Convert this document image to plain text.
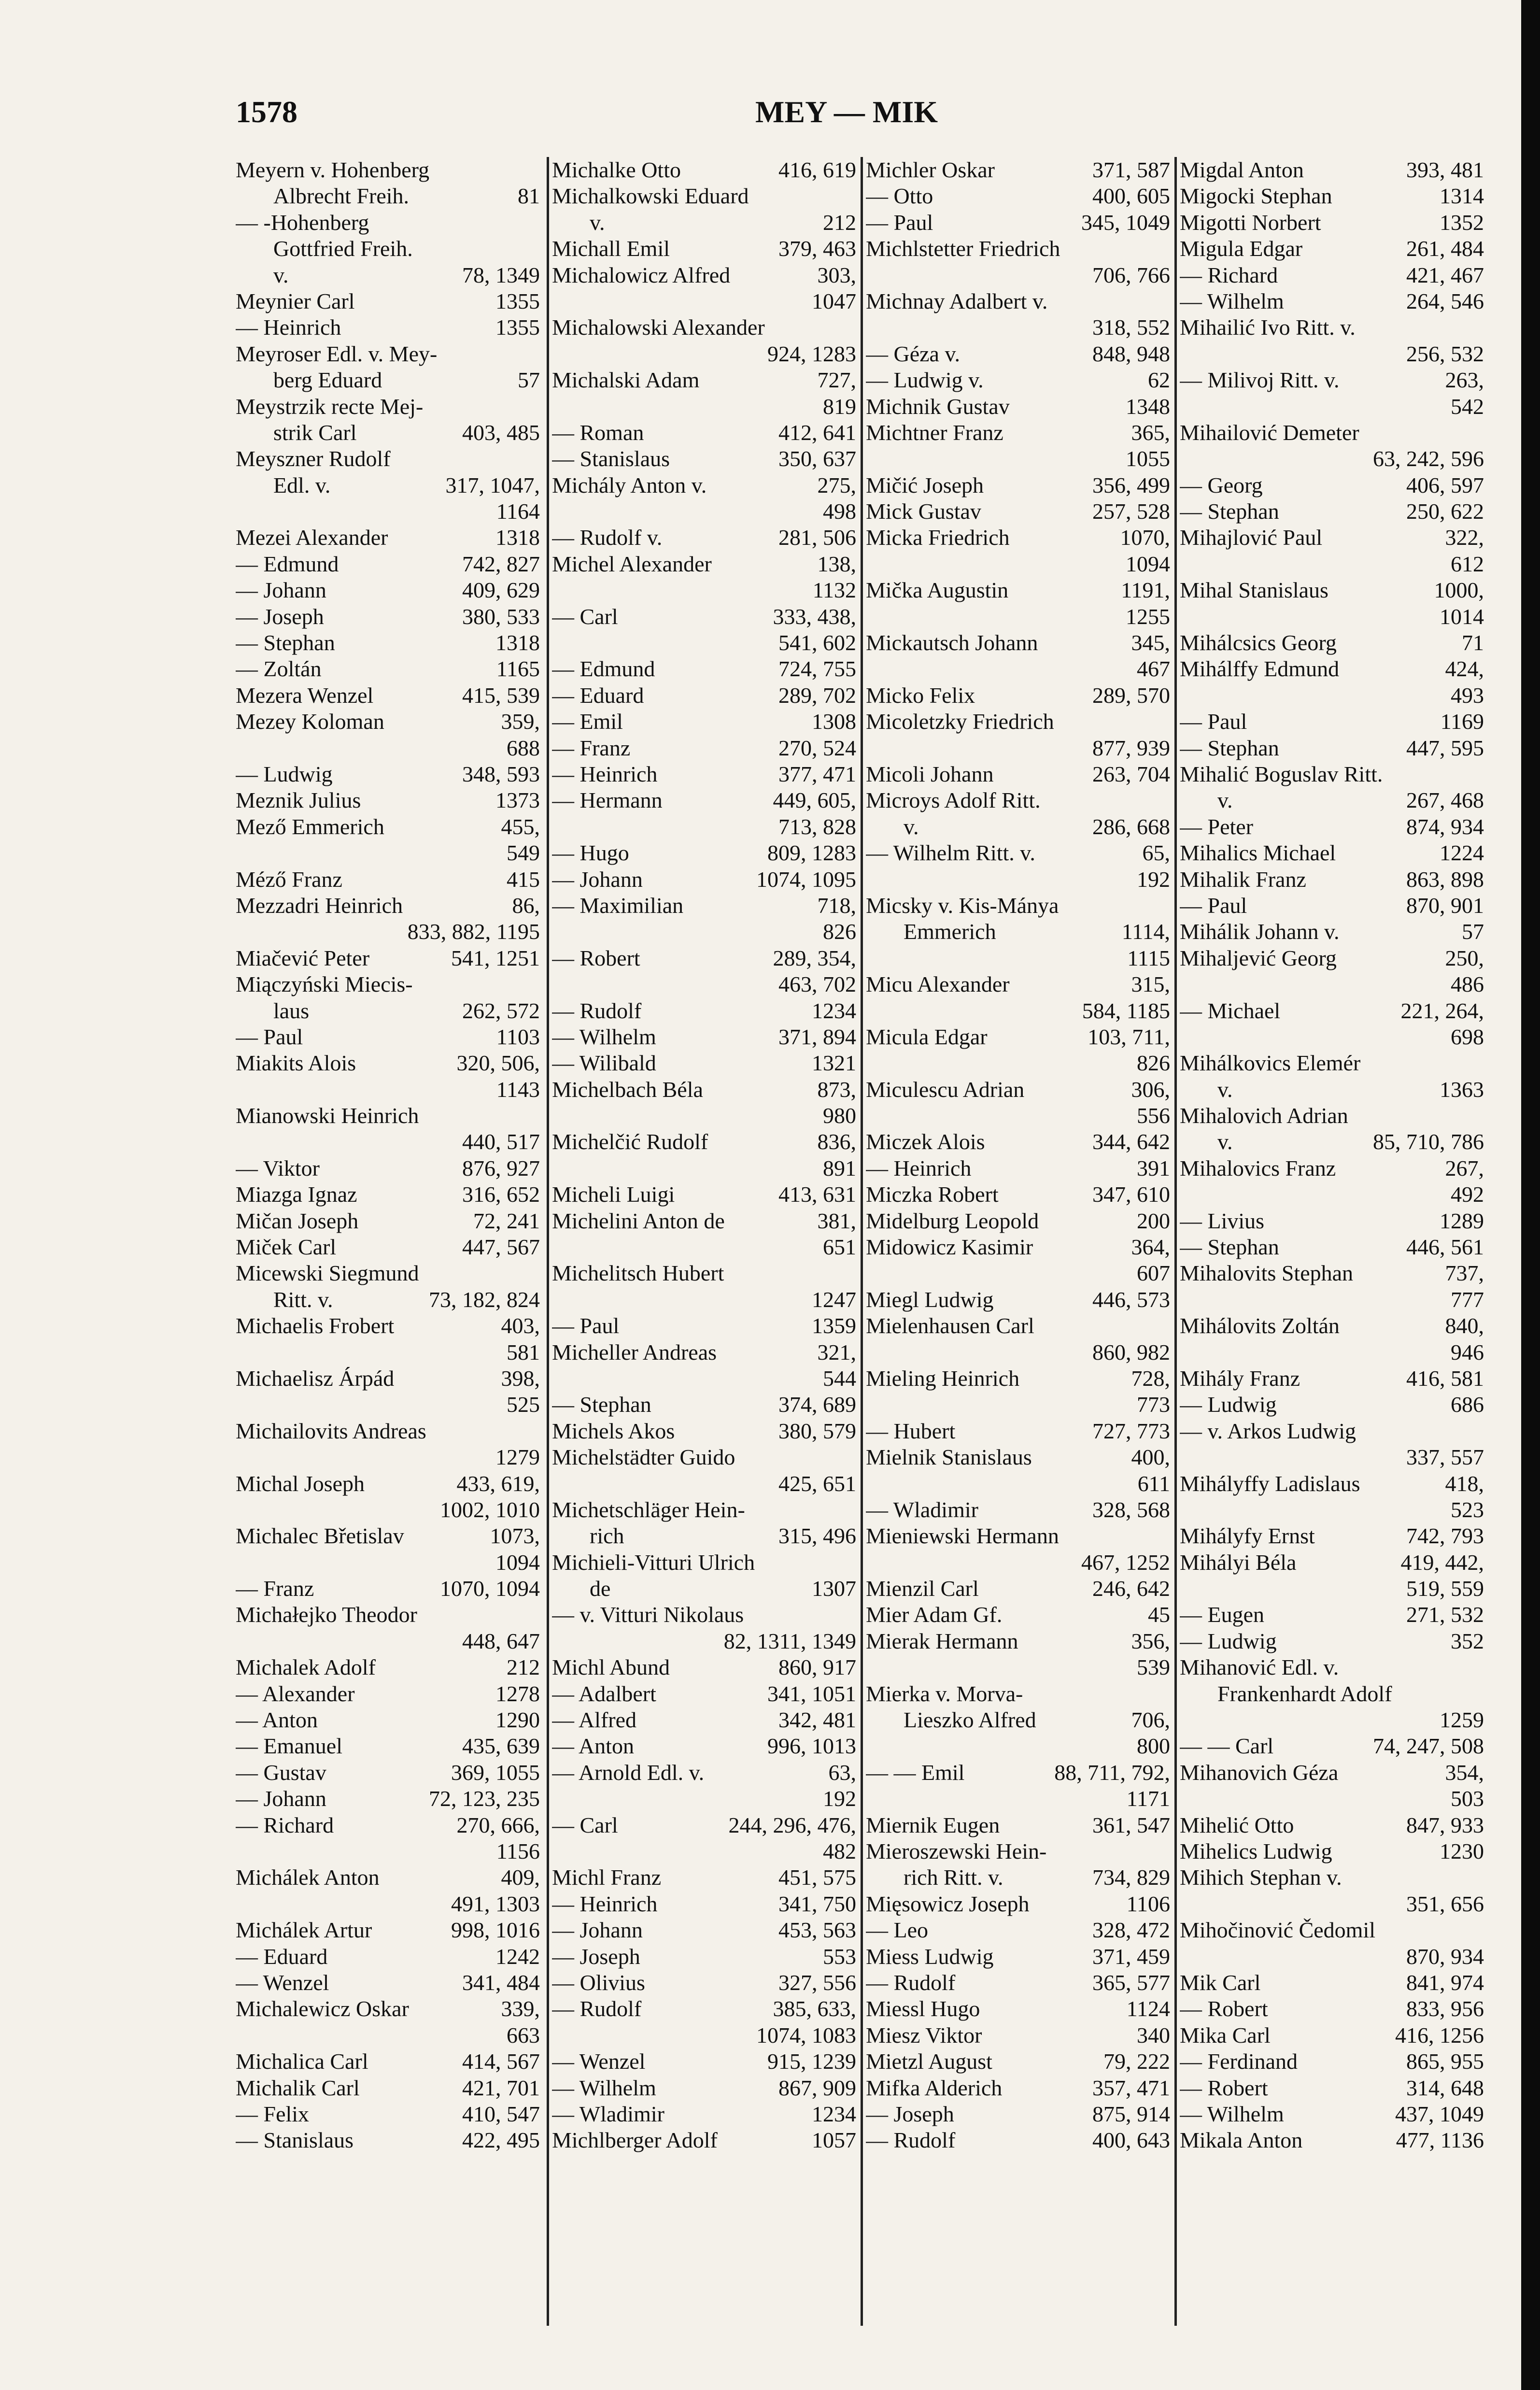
1578	MEY — MIK
Meyern v. Hohenberg
Albrecht Freih.	81
— -Hohenberg
Gottfried Freih.
v.	78, 1349
Meynier Carl	1355
— Heinrich	1355
Meyroser Edl. v. Mey-
berg Eduard	57
Meystrzik recte Mej-
strik Carl	403, 485
Meyszner Rudolf
Edl. v.	317, 1047,
1164
Mezei Alexander	1318
— Edmund	742, 827
— Johann	409, 629
— Joseph	380, 533
— Stephan	1318
— Zoltán	1165
Mezera Wenzel	415, 539
Mezey Koloman	359,
688
— Ludwig	348, 593
Meznik Julius	1373
Mező Emmerich	455,
549
Méző Franz	415
Mezzadri Heinrich	86,
833, 882, 1195
Miačević Peter	541, 1251
Miączyński Miecis-
laus	262, 572
— Paul	1103
Miakits Alois	320, 506,
1143
Mianowski Heinrich
440, 517
— Viktor	876, 927
Miazga Ignaz	316, 652
Mičan Joseph	72, 241
Miček Carl	447, 567
Micewski Siegmund
Ritt. v.	73, 182, 824
Michaelis Frobert	403,
581
Michaelisz Árpád	398,
525
Michailovits Andreas
1279
Michal Joseph	433, 619,
1002, 1010
Michalec Břetislav	1073,
1094
— Franz	1070, 1094
Michałejko Theodor
448, 647
Michalek Adolf	212
— Alexander	1278
— Anton	1290
— Emanuel	435, 639
— Gustav	369, 1055
— Johann	72, 123, 235
— Richard	270, 666,
1156
Michálek Anton	409,
491, 1303
Michálek Artur	998, 1016
— Eduard	1242
— Wenzel	341, 484
Michalewicz Oskar	339,
663
Michalica Carl	414, 567
Michalik Carl	421, 701
— Felix	410, 547
— Stanislaus	422, 495
Michalke Otto	416, 619
Michalkowski Eduard
v.	212
Michall Emil	379, 463
Michalowicz Alfred	303,
1047
Michalowski Alexander
924, 1283
Michalski Adam	727,
819
— Roman	412, 641
— Stanislaus	350, 637
Michály Anton v.	275,
498
— Rudolf v.	281, 506
Michel Alexander	138,
1132
— Carl	333, 438,
541, 602
— Edmund	724, 755
— Eduard	289, 702
— Emil	1308
— Franz	270, 524
— Heinrich	377, 471
— Hermann	449, 605,
713, 828
— Hugo	809, 1283
— Johann	1074, 1095
— Maximilian	718,
826
— Robert	289, 354,
463, 702
— Rudolf	1234
— Wilhelm	371, 894
— Wilibald	1321
Michelbach Béla	873,
980
Michelčić Rudolf	836,
891
Micheli Luigi	413, 631
Michelini Anton de	381,
651
Michelitsch Hubert
1247
— Paul	1359
Micheller Andreas	321,
544
— Stephan	374, 689
Michels Akos	380, 579
Michelstädter Guido
425, 651
Michetschläger Hein-
rich	315, 496
Michieli-Vitturi Ulrich
de	1307
— v. Vitturi Nikolaus
82, 1311, 1349
Michl Abund	860, 917
— Adalbert	341, 1051
— Alfred	342, 481
— Anton	996, 1013
— Arnold Edl. v.	63,
192
— Carl	244, 296, 476,
482
Michl Franz	451, 575
— Heinrich	341, 750
— Johann	453, 563
— Joseph	553
— Olivius	327, 556
— Rudolf	385, 633,
1074, 1083
— Wenzel	915, 1239
— Wilhelm	867, 909
— Wladimir	1234
Michlberger Adolf	1057
Michler Oskar	371, 587
— Otto	400, 605
— Paul	345, 1049
Michlstetter Friedrich
706, 766
Michnay Adalbert v.
318, 552
— Géza v.	848, 948
— Ludwig v.	62
Michnik Gustav	1348
Michtner Franz	365,
1055
Mičić Joseph	356, 499
Mick Gustav	257, 528
Micka Friedrich	1070,
1094
Mička Augustin	1191,
1255
Mickautsch Johann	345,
467
Micko Felix	289, 570
Micoletzky Friedrich
877, 939
Micoli Johann	263, 704
Microys Adolf Ritt.
v.	286, 668
— Wilhelm Ritt. v.	65,
192
Micsky v. Kis-Mánya
Emmerich	1114,
1115
Micu Alexander	315,
584, 1185
Micula Edgar	103, 711,
826
Miculescu Adrian	306,
556
Miczek Alois	344, 642
— Heinrich	391
Miczka Robert	347, 610
Midelburg Leopold	200
Midowicz Kasimir	364,
607
Miegl Ludwig	446, 573
Mielenhausen Carl
860, 982
Mieling Heinrich	728,
773
— Hubert	727, 773
Mielnik Stanislaus	400,
611
— Wladimir	328, 568
Mieniewski Hermann
467, 1252
Mienzil Carl	246, 642
Mier Adam Gf.	45
Mierak Hermann	356,
539
Mierka v. Morva-
Lieszko Alfred	706,
800
— — Emil	88, 711, 792,
1171
Miernik Eugen	361, 547
Mieroszewski Hein-
rich Ritt. v.	734, 829
Mięsowicz Joseph	1106
— Leo	328, 472
Miess Ludwig	371, 459
— Rudolf	365, 577
Miessl Hugo	1124
Miesz Viktor	340
Mietzl August	79, 222
Mifka Alderich	357, 471
— Joseph	875, 914
— Rudolf	400, 643
Migdal Anton	393, 481
Migocki Stephan	1314
Migotti Norbert	1352
Migula Edgar	261, 484
— Richard	421, 467
— Wilhelm	264, 546
Mihailić Ivo Ritt. v.
256, 532
— Milivoj Ritt. v.	263,
542
Mihailović Demeter
63, 242, 596
— Georg	406, 597
— Stephan	250, 622
Mihajlović Paul	322,
612
Mihal Stanislaus	1000,
1014
Mihálcsics Georg	71
Mihálffy Edmund	424,
493
— Paul	1169
— Stephan	447, 595
Mihalić Boguslav Ritt.
v.	267, 468
— Peter	874, 934
Mihalics Michael	1224
Mihalik Franz	863, 898
— Paul	870, 901
Mihálik Johann v.	57
Mihaljević Georg	250,
486
— Michael	221, 264,
698
Mihálkovics Elemér
v.	1363
Mihalovich Adrian
v.	85, 710, 786
Mihalovics Franz	267,
492
— Livius	1289
— Stephan	446, 561
Mihalovits Stephan	737,
777
Mihálovits Zoltán	840,
946
Mihály Franz	416, 581
— Ludwig	686
— v. Arkos Ludwig
337, 557
Mihályffy Ladislaus	418,
523
Mihályfy Ernst	742, 793
Mihályi Béla	419, 442,
519, 559
— Eugen	271, 532
— Ludwig	352
Mihanović Edl. v.
Frankenhardt Adolf
1259
— — Carl	74, 247, 508
Mihanovich Géza	354,
503
Mihelić Otto	847, 933
Mihelics Ludwig	1230
Mihich Stephan v.
351, 656
Mihočinović Čedomil
870, 934
Mik Carl	841, 974
— Robert	833, 956
Mika Carl	416, 1256
— Ferdinand	865, 955
— Robert	314, 648
— Wilhelm	437, 1049
Mikala Anton	477, 1136
